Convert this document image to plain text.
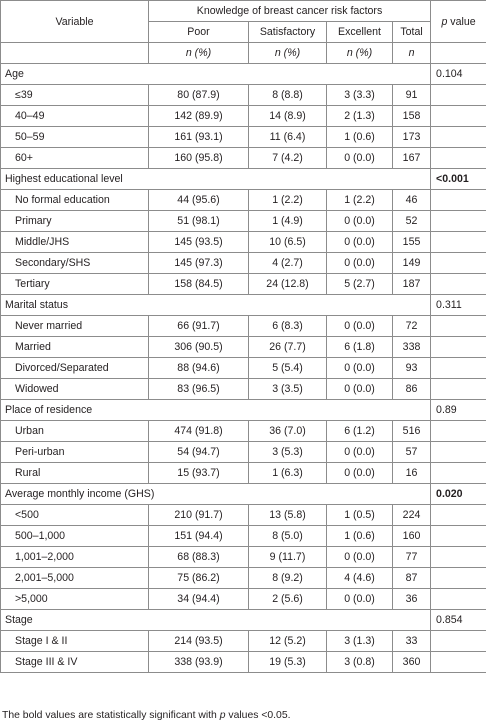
Variable	Knowledge of breast cancer risk factors				p value
	Poor	Satisfactory	Excellent	Total	
	n (%)	n (%)	n (%)	n	
Age					0.104
≤39	80 (87.9)	8 (8.8)	3 (3.3)	91	
40–49	142 (89.9)	14 (8.9)	2 (1.3)	158	
50–59	161 (93.1)	11 (6.4)	1 (0.6)	173	
60+	160 (95.8)	7 (4.2)	0 (0.0)	167	
Highest educational level					<0.001
No formal education	44 (95.6)	1 (2.2)	1 (2.2)	46	
Primary	51 (98.1)	1 (4.9)	0 (0.0)	52	
Middle/JHS	145 (93.5)	10 (6.5)	0 (0.0)	155	
Secondary/SHS	145 (97.3)	4 (2.7)	0 (0.0)	149	
Tertiary	158 (84.5)	24 (12.8)	5 (2.7)	187	
Marital status					0.311
Never married	66 (91.7)	6 (8.3)	0 (0.0)	72	
Married	306 (90.5)	26 (7.7)	6 (1.8)	338	
Divorced/Separated	88 (94.6)	5 (5.4)	0 (0.0)	93	
Widowed	83 (96.5)	3 (3.5)	0 (0.0)	86	
Place of residence					0.89
Urban	474 (91.8)	36 (7.0)	6 (1.2)	516	
Peri-urban	54 (94.7)	3 (5.3)	0 (0.0)	57	
Rural	15 (93.7)	1 (6.3)	0 (0.0)	16	
Average monthly income (GHS)					0.020
<500	210 (91.7)	13 (5.8)	1 (0.5)	224	
500–1,000	151 (94.4)	8 (5.0)	1 (0.6)	160	
1,001–2,000	68 (88.3)	9 (11.7)	0 (0.0)	77	
2,001–5,000	75 (86.2)	8 (9.2)	4 (4.6)	87	
>5,000	34 (94.4)	2 (5.6)	0 (0.0)	36	
Stage					0.854
Stage I & II	214 (93.5)	12 (5.2)	3 (1.3)	33	
Stage III & IV	338 (93.9)	19 (5.3)	3 (0.8)	360	
The bold values are statistically significant with p values <0.05.
